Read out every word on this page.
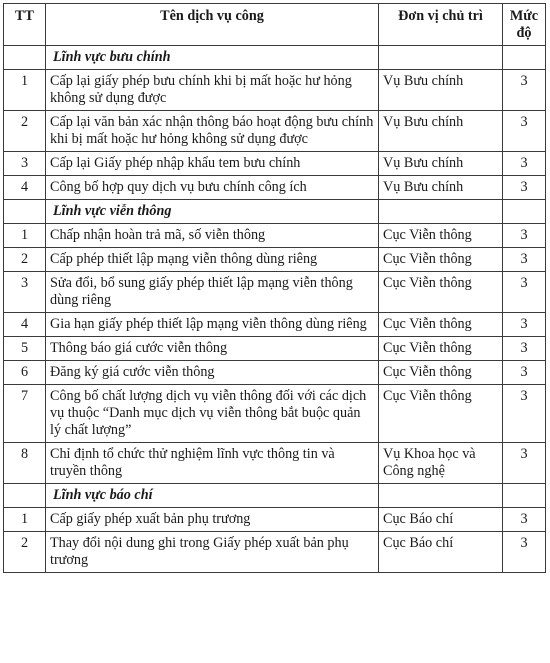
TT	Tên dịch vụ công	Đơn vị chủ trì	Mức
độ
	Lĩnh vực bưu chính		
1	Cấp lại giấy phép bưu chính khi bị mất hoặc hư hỏng không sử dụng được	Vụ Bưu chính	3
2	Cấp lại văn bản xác nhận thông báo hoạt động bưu chính khi bị mất hoặc hư hỏng không sử dụng được	Vụ Bưu chính	3
3	Cấp lại Giấy phép nhập khẩu tem bưu chính	Vụ Bưu chính	3
4	Công bố hợp quy dịch vụ bưu chính công ích	Vụ Bưu chính	3
	Lĩnh vực viễn thông		
1	Chấp nhận hoàn trả mã, số viễn thông	Cục Viễn thông	3
2	Cấp phép thiết lập mạng viễn thông dùng riêng	Cục Viễn thông	3
3	Sửa đổi, bổ sung giấy phép thiết lập mạng viễn thông dùng riêng	Cục Viễn thông	3
4	Gia hạn giấy phép thiết lập mạng viễn thông dùng riêng	Cục Viễn thông	3
5	Thông báo giá cước viễn thông	Cục Viễn thông	3
6	Đăng ký giá cước viễn thông	Cục Viễn thông	3
7	Công bố chất lượng dịch vụ viễn thông đối với các dịch vụ thuộc “Danh mục dịch vụ viễn thông bắt buộc quản lý chất lượng”	Cục Viễn thông	3
8	Chỉ định tổ chức thử nghiệm lĩnh vực thông tin và truyền thông	Vụ Khoa học và Công nghệ	3
	Lĩnh vực báo chí		
1	Cấp giấy phép xuất bản phụ trương	Cục Báo chí	3
2	Thay đổi nội dung ghi trong Giấy phép xuất bản phụ trương	Cục Báo chí	3
